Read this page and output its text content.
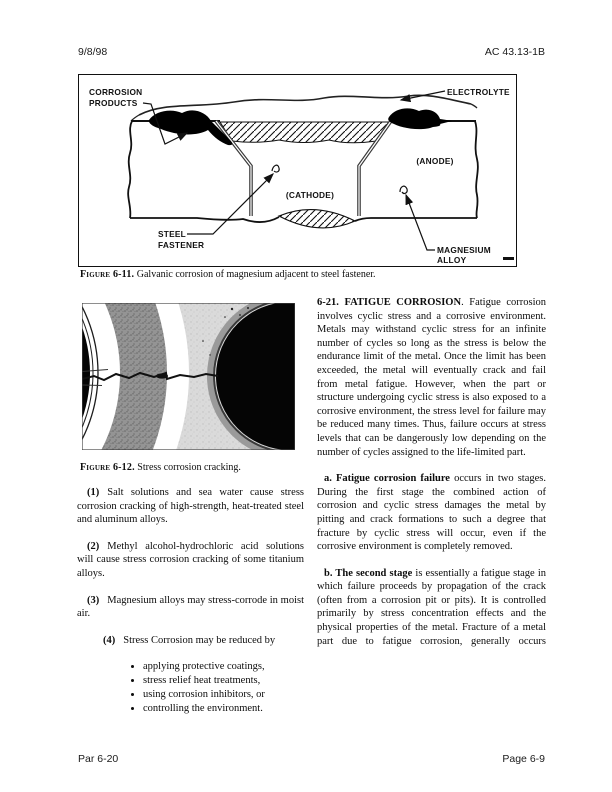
9/8/98	AC 43.13-1B
CORROSION
PRODUCTS
ELECTROLYTE
(ANODE)
(CATHODE)
STEEL
FASTENER	MAGNESIUM
ALLOY
Figure 6-11. Galvanic corrosion of magnesium adjacent to steel fastener.
Figure 6-12. Stress corrosion cracking.

(1) Salt solutions and sea water cause stress corrosion cracking of high-strength, heat-treated steel and aluminum alloys.

(2) Methyl alcohol-hydrochloric acid solutions will cause stress corrosion cracking of some titanium alloys.

(3) Magnesium alloys may stress-corrode in moist air.

(4) Stress Corrosion may be reduced by

• applying protective coatings,
• stress relief heat treatments,
• using corrosion inhibitors, or
• controlling the environment.

6-21. FATIGUE CORROSION. Fatigue corrosion involves cyclic stress and a corrosive environment. Metals may withstand cyclic stress for an infinite number of cycles so long as the stress is below the endurance limit of the metal. Once the limit has been exceeded, the metal will eventually crack and fail from metal fatigue. However, when the part or structure undergoing cyclic stress is also exposed to a corrosive environment, the stress level for failure may be reduced many times. Thus, failure occurs at stress levels that can be dangerously low depending on the number of cycles assigned to the life-limited part.

a. Fatigue corrosion failure occurs in two stages. During the first stage the combined action of corrosion and cyclic stress damages the metal by pitting and crack formations to such a degree that fracture by cyclic stress will occur, even if the corrosive environment is completely removed.

b. The second stage is essentially a fatigue stage in which failure proceeds by propagation of the crack (often from a corrosion pit or pits). It is controlled primarily by stress concentration effects and the physical properties of the metal. Fracture of a metal part due to fatigue corrosion, generally occurs

Par 6-20	Page 6-9
